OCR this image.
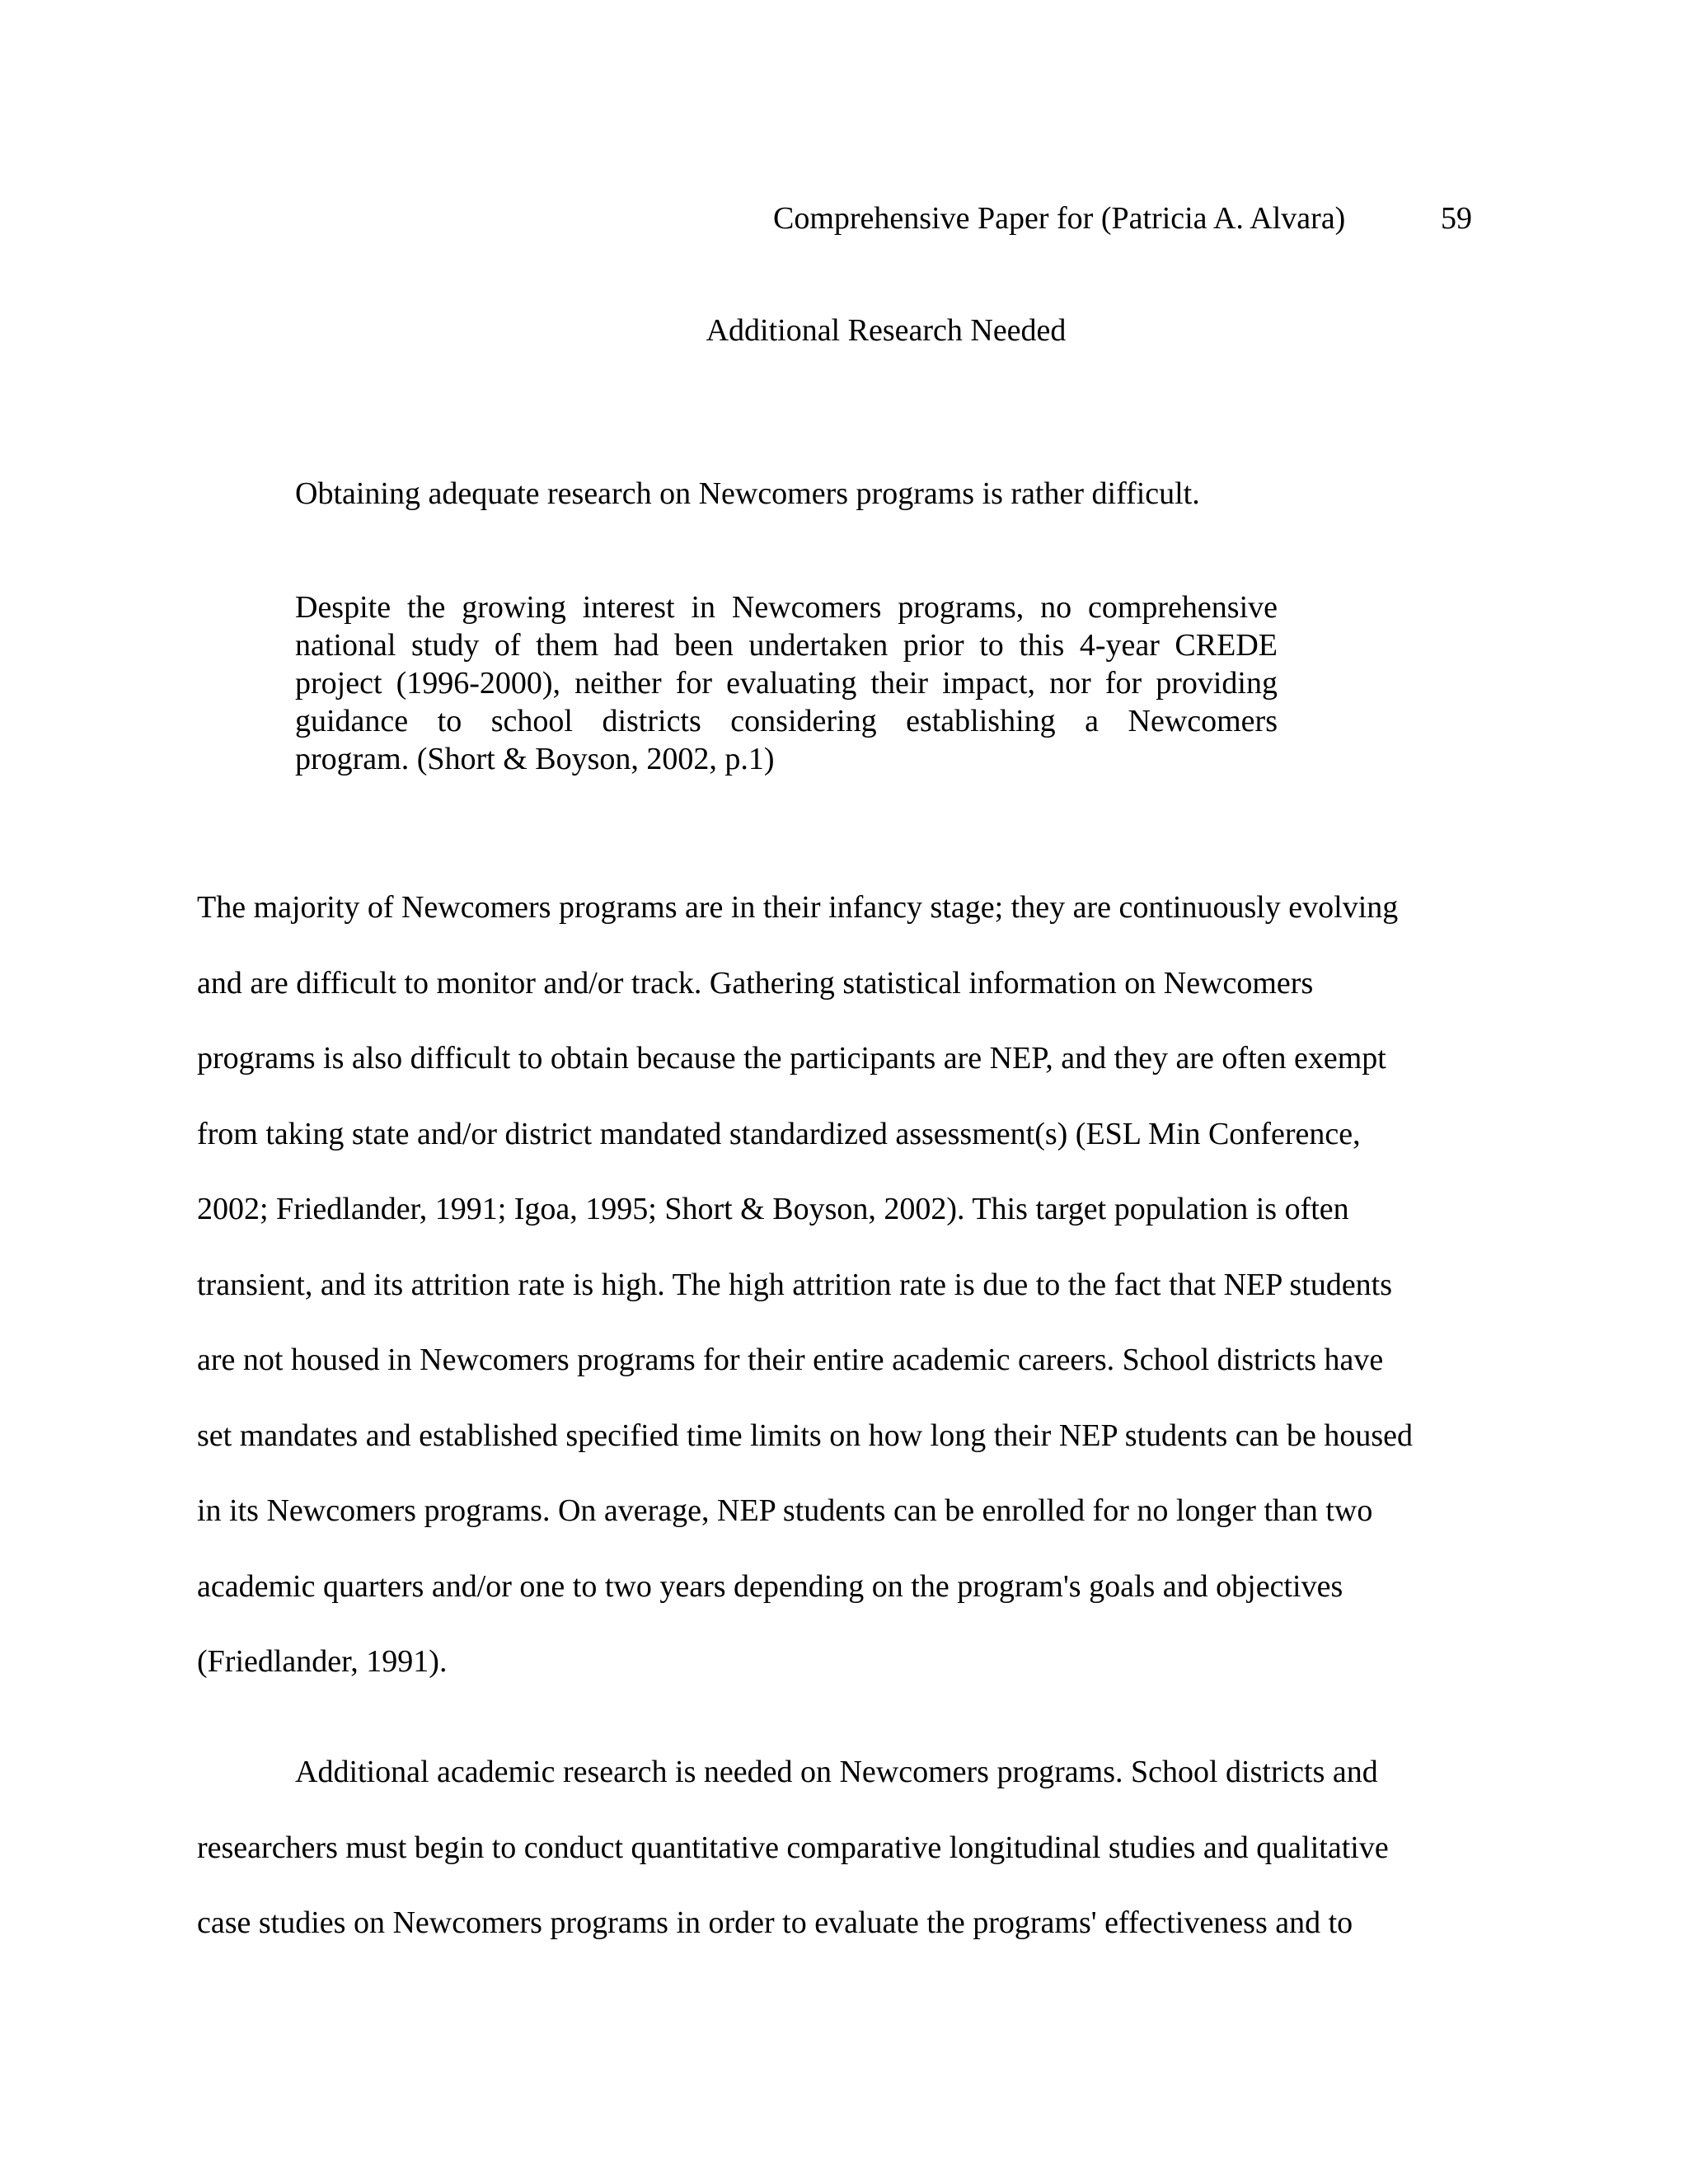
Comprehensive Paper for (Patricia A. Alvara)	59
Additional Research Needed
Obtaining adequate research on Newcomers programs is rather difficult.
Despite the growing interest in Newcomers programs, no comprehensive
national study of them had been undertaken prior to this 4-year CREDE
project (1996-2000), neither for evaluating their impact, nor for providing
guidance to school districts considering establishing a Newcomers
program. (Short & Boyson, 2002, p.1)
The majority of Newcomers programs are in their infancy stage; they are continuously evolving
and are difficult to monitor and/or track. Gathering statistical information on Newcomers
programs is also difficult to obtain because the participants are NEP, and they are often exempt
from taking state and/or district mandated standardized assessment(s) (ESL Min Conference,
2002; Friedlander, 1991; Igoa, 1995; Short & Boyson, 2002). This target population is often
transient, and its attrition rate is high. The high attrition rate is due to the fact that NEP students
are not housed in Newcomers programs for their entire academic careers. School districts have
set mandates and established specified time limits on how long their NEP students can be housed
in its Newcomers programs. On average, NEP students can be enrolled for no longer than two
academic quarters and/or one to two years depending on the program's goals and objectives
(Friedlander, 1991).
Additional academic research is needed on Newcomers programs. School districts and
researchers must begin to conduct quantitative comparative longitudinal studies and qualitative
case studies on Newcomers programs in order to evaluate the programs' effectiveness and to
